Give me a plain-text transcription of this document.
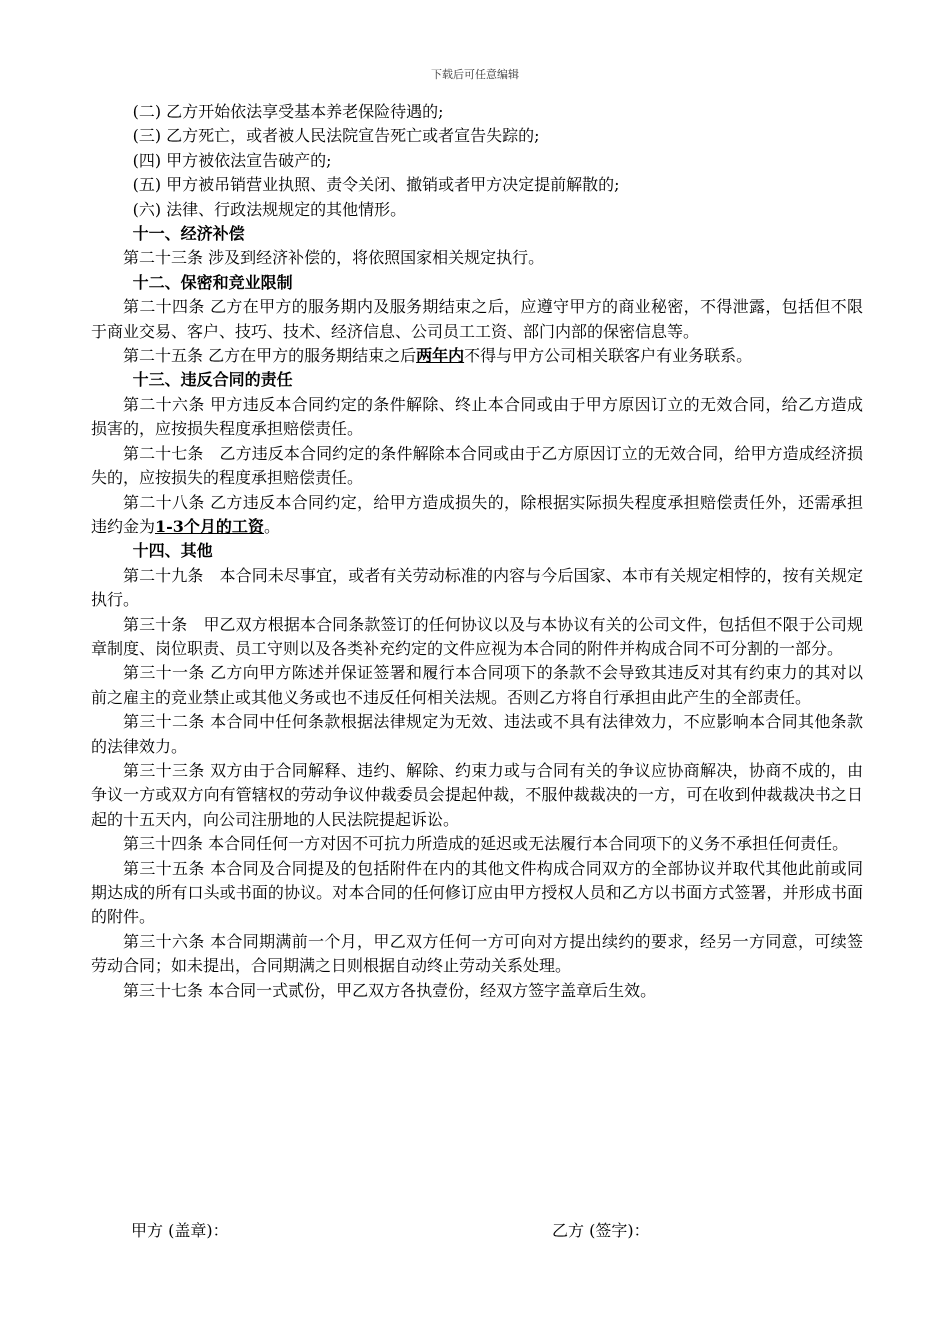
下载后可任意编辑

(二) 乙方开始依法享受基本养老保险待遇的;

(三) 乙方死亡，或者被人民法院宣告死亡或者宣告失踪的;

(四) 甲方被依法宣告破产的;

(五) 甲方被吊销营业执照、责令关闭、撤销或者甲方决定提前解散的;

(六) 法律、行政法规规定的其他情形。

十一、经济补偿

第二十三条 涉及到经济补偿的，将依照国家相关规定执行。

十二、保密和竞业限制

第二十四条 乙方在甲方的服务期内及服务期结束之后，应遵守甲方的商业秘密，不得泄露，包括但不限于商业交易、客户、技巧、技术、经济信息、公司员工工资、部门内部的保密信息等。

第二十五条 乙方在甲方的服务期结束之后两年内不得与甲方公司相关联客户有业务联系。

十三、违反合同的责任

第二十六条 甲方违反本合同约定的条件解除、终止本合同或由于甲方原因订立的无效合同，给乙方造成损害的，应按损失程度承担赔偿责任。

第二十七条　乙方违反本合同约定的条件解除本合同或由于乙方原因订立的无效合同，给甲方造成经济损失的，应按损失的程度承担赔偿责任。

第二十八条 乙方违反本合同约定，给甲方造成损失的，除根据实际损失程度承担赔偿责任外，还需承担违约金为1-3个月的工资。

十四、其他

第二十九条　本合同未尽事宜，或者有关劳动标准的内容与今后国家、本市有关规定相悖的，按有关规定执行。

第三十条　甲乙双方根据本合同条款签订的任何协议以及与本协议有关的公司文件，包括但不限于公司规章制度、岗位职责、员工守则以及各类补充约定的文件应视为本合同的附件并构成合同不可分割的一部分。

第三十一条 乙方向甲方陈述并保证签署和履行本合同项下的条款不会导致其违反对其有约束力的其对以前之雇主的竞业禁止或其他义务或也不违反任何相关法规。否则乙方将自行承担由此产生的全部责任。

第三十二条 本合同中任何条款根据法律规定为无效、违法或不具有法律效力，不应影响本合同其他条款的法律效力。

第三十三条 双方由于合同解释、违约、解除、约束力或与合同有关的争议应协商解决，协商不成的，由争议一方或双方向有管辖权的劳动争议仲裁委员会提起仲裁，不服仲裁裁决的一方，可在收到仲裁裁决书之日起的十五天内，向公司注册地的人民法院提起诉讼。

第三十四条 本合同任何一方对因不可抗力所造成的延迟或无法履行本合同项下的义务不承担任何责任。

第三十五条 本合同及合同提及的包括附件在内的其他文件构成合同双方的全部协议并取代其他此前或同期达成的所有口头或书面的协议。对本合同的任何修订应由甲方授权人员和乙方以书面方式签署，并形成书面的附件。

第三十六条 本合同期满前一个月，甲乙双方任何一方可向对方提出续约的要求，经另一方同意，可续签劳动合同；如未提出，合同期满之日则根据自动终止劳动关系处理。

第三十七条 本合同一式贰份，甲乙双方各执壹份，经双方签字盖章后生效。

甲方 (盖章)：	乙方 (签字)：
